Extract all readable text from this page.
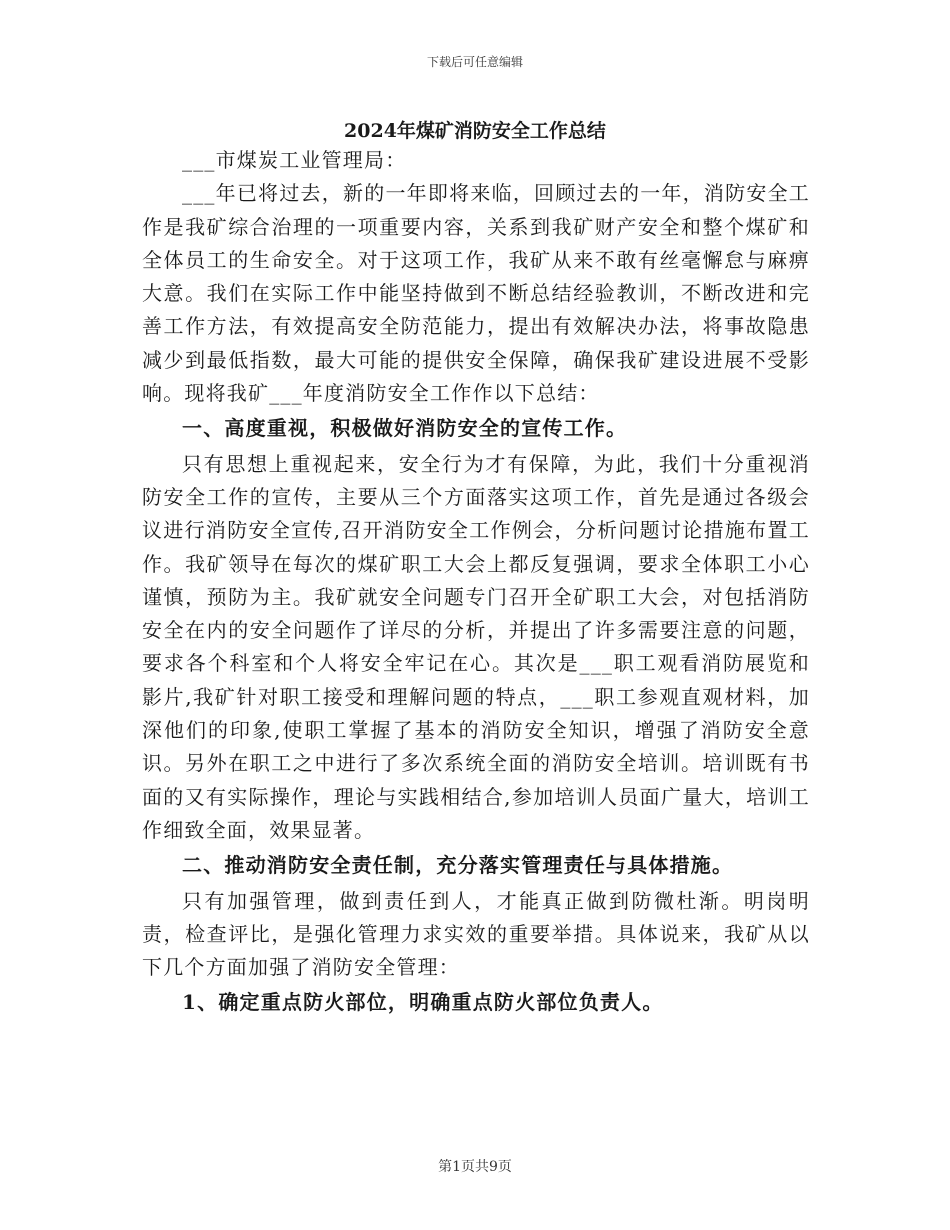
下载后可任意编辑
2024年煤矿消防安全工作总结

___市煤炭工业管理局：

___年已将过去，新的一年即将来临，回顾过去的一年，消防安全工作是我矿综合治理的一项重要内容，关系到我矿财产安全和整个煤矿和全体员工的生命安全。对于这项工作，我矿从来不敢有丝毫懈怠与麻痹大意。我们在实际工作中能坚持做到不断总结经验教训，不断改进和完善工作方法，有效提高安全防范能力，提出有效解决办法，将事故隐患减少到最低指数，最大可能的提供安全保障，确保我矿建设进展不受影响。现将我矿___年度消防安全工作作以下总结：

一、高度重视，积极做好消防安全的宣传工作。

只有思想上重视起来，安全行为才有保障，为此，我们十分重视消防安全工作的宣传，主要从三个方面落实这项工作，首先是通过各级会议进行消防安全宣传,召开消防安全工作例会，分析问题讨论措施布置工作。我矿领导在每次的煤矿职工大会上都反复强调，要求全体职工小心谨慎，预防为主。我矿就安全问题专门召开全矿职工大会，对包括消防安全在内的安全问题作了详尽的分析，并提出了许多需要注意的问题，要求各个科室和个人将安全牢记在心。其次是___职工观看消防展览和影片,我矿针对职工接受和理解问题的特点，___职工参观直观材料，加深他们的印象,使职工掌握了基本的消防安全知识，增强了消防安全意识。另外在职工之中进行了多次系统全面的消防安全培训。培训既有书面的又有实际操作，理论与实践相结合,参加培训人员面广量大，培训工作细致全面，效果显著。

二、推动消防安全责任制，充分落实管理责任与具体措施。

只有加强管理，做到责任到人，才能真正做到防微杜渐。明岗明责，检查评比，是强化管理力求实效的重要举措。具体说来，我矿从以下几个方面加强了消防安全管理：

1、确定重点防火部位，明确重点防火部位负责人。

第1页共9页
